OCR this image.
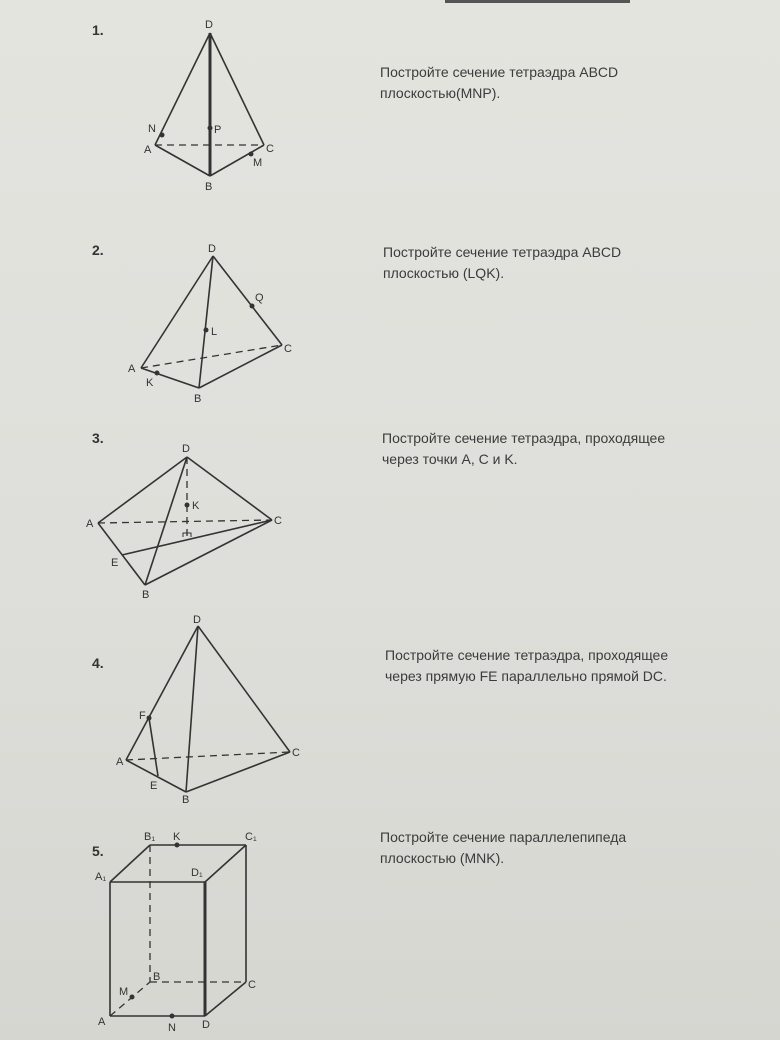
1.
Постройте сечение тетраэдра ABCD
плоскостью(MNP).
D
N	P
A	C
M
B
2.	Постройте сечение тетраэдра ABCD
плоскостью (LQK).
D
Q
L
C
A
K
B
3.	Постройте сечение тетраэдра, проходящее
через точки A, C и K.
D
K
A	C
E
B
4.	Постройте сечение тетраэдра, проходящее
через прямую FE параллельно прямой DC.
D
F
A
C
E
B
5.
Постройте сечение параллелепипеда
плоскостью (MNK).
B₁ K	C₁
A₁	D₁
B
M
C
A	N D
